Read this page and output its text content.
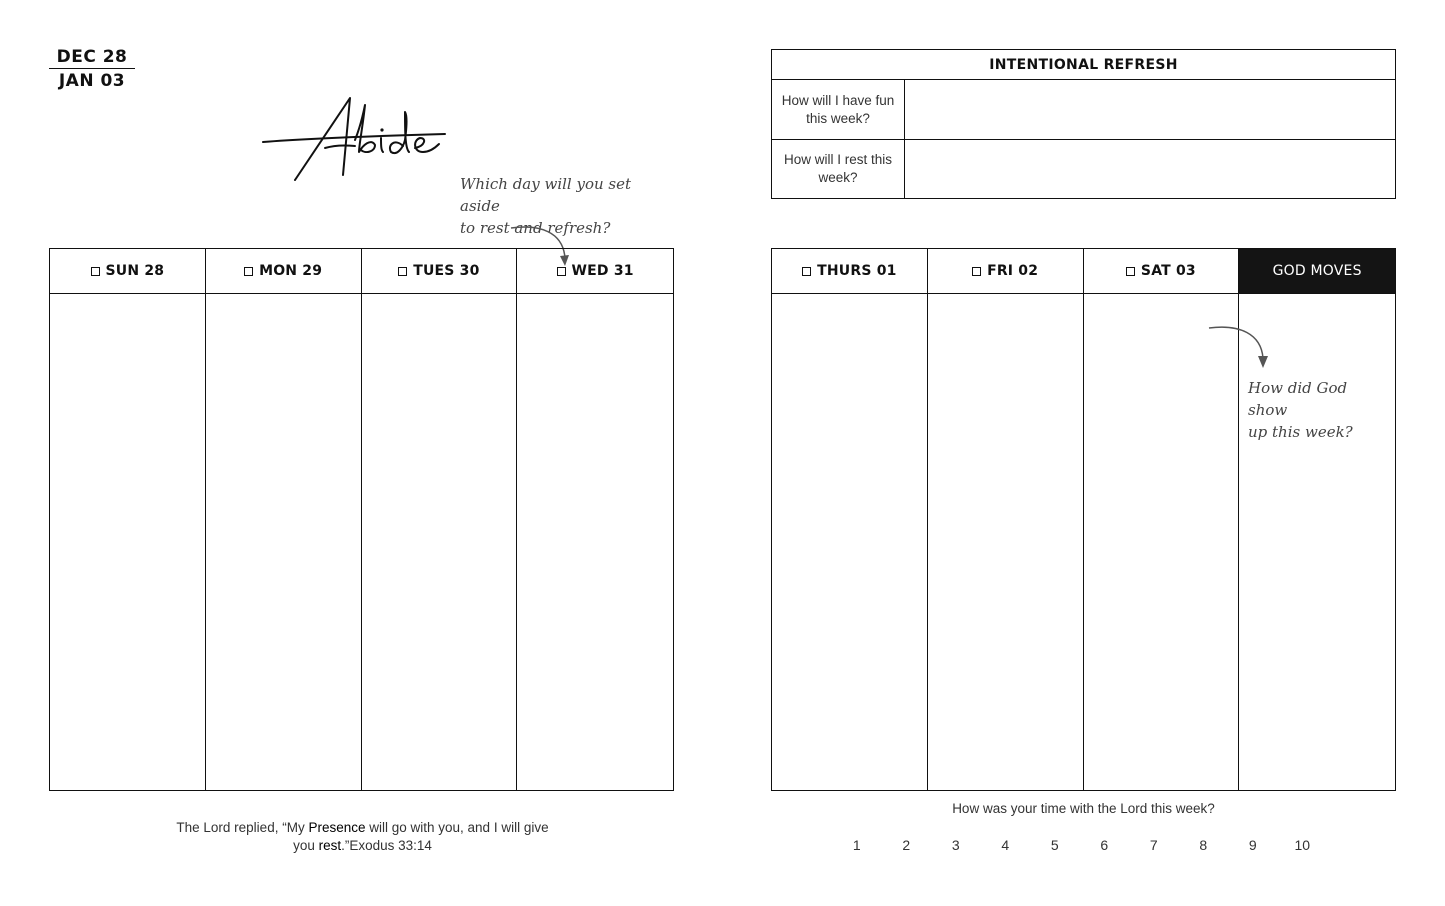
DEC 28
JAN 03
Which day will you set aside
to rest and refresh?
INTENTIONAL REFRESH
How will I have fun this week?
How will I rest this week?
SUN 28	MON 29	TUES 30	WED 31	THURS 01	FRI 02	SAT 03	GOD MOVES
How did God show
up this week?
The Lord replied, “My Presence will go with you, and I will give you rest.”Exodus 33:14
How was your time with the Lord this week?
1	2	3	4	5	6	7	8	9	10
